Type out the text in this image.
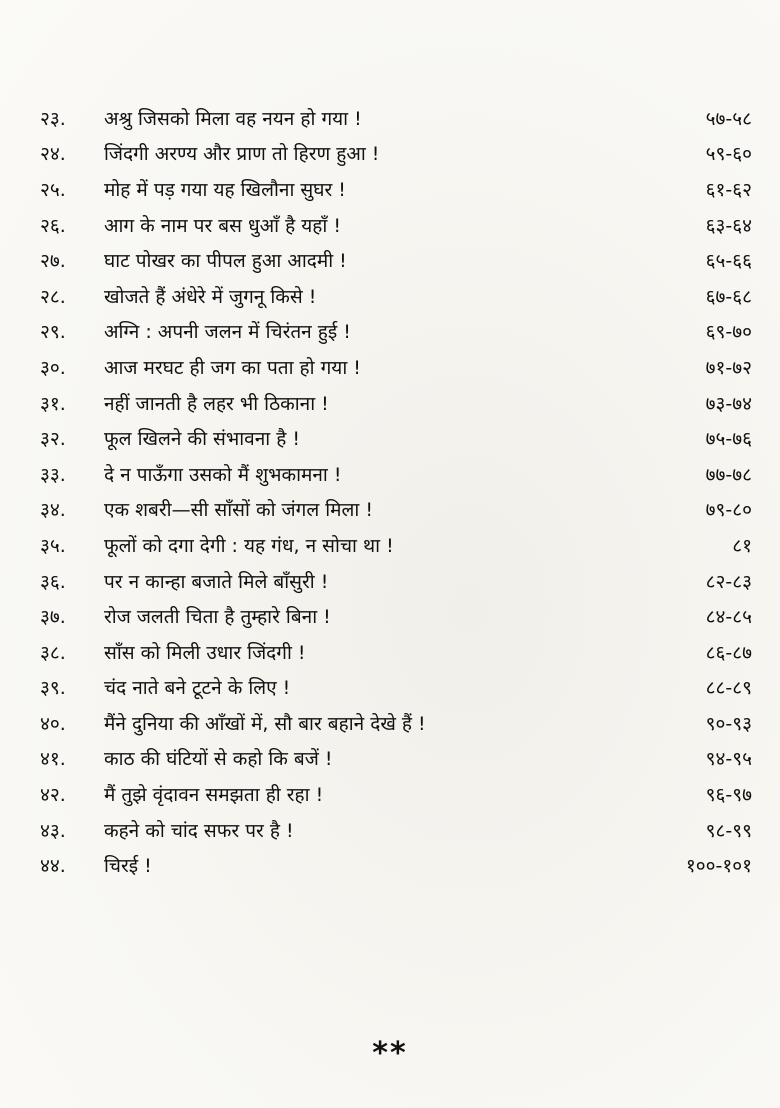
२३.	अश्रु जिसको मिला वह नयन हो गया !	५७-५८
२४.	जिंदगी अरण्य और प्राण तो हिरण हुआ !	५९-६०
२५.	मोह में पड़ गया यह खिलौना सुघर !	६१-६२
२६.	आग के नाम पर बस धुआँ है यहाँ !	६३-६४
२७.	घाट पोखर का पीपल हुआ आदमी !	६५-६६
२८.	खोजते हैं अंधेरे में जुगनू किसे !	६७-६८
२९.	अग्नि : अपनी जलन में चिरंतन हुई !	६९-७०
३०.	आज मरघट ही जग का पता हो गया !	७१-७२
३१.	नहीं जानती है लहर भी ठिकाना !	७३-७४
३२.	फूल खिलने की संभावना है !	७५-७६
३३.	दे न पाऊँगा उसको मैं शुभकामना !	७७-७८
३४.	एक शबरी—सी साँसों को जंगल मिला !	७९-८०
३५.	फूलों को दगा देगी : यह गंध, न सोचा था !	८१
३६.	पर न कान्हा बजाते मिले बाँसुरी !	८२-८३
३७.	रोज जलती चिता है तुम्हारे बिना !	८४-८५
३८.	साँस को मिली उधार जिंदगी !	८६-८७
३९.	चंद नाते बने टूटने के लिए !	८८-८९
४०.	मैंने दुनिया की आँखों में, सौ बार बहाने देखे हैं !	९०-९३
४१.	काठ की घंटियों से कहो कि बजें !	९४-९५
४२.	मैं तुझे वृंदावन समझता ही रहा !	९६-९७
४३.	कहने को चांद सफर पर है !	९८-९९
४४.	चिरई !	१००-१०१
**
